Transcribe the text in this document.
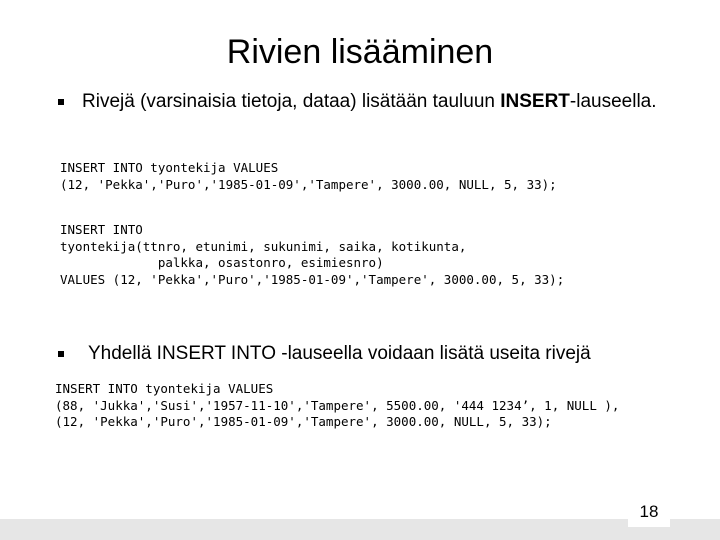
Rivien lisääminen
Rivejä (varsinaisia tietoja, dataa) lisätään tauluun INSERT-lauseella.
INSERT INTO tyontekija VALUES
(12, 'Pekka','Puro','1985-01-09','Tampere', 3000.00, NULL, 5, 33);
INSERT INTO
tyontekija(ttnro, etunimi, sukunimi, saika, kotikunta,
palkka, osastonro, esimiesnro)
VALUES (12, 'Pekka','Puro','1985-01-09','Tampere', 3000.00, 5, 33);
Yhdellä INSERT INTO -lauseella voidaan lisätä useita rivejä
INSERT INTO tyontekija VALUES
(88, 'Jukka','Susi','1957-11-10','Tampere', 5500.00, '444 1234’, 1, NULL ),
(12, 'Pekka','Puro','1985-01-09','Tampere', 3000.00, NULL, 5, 33);
18
